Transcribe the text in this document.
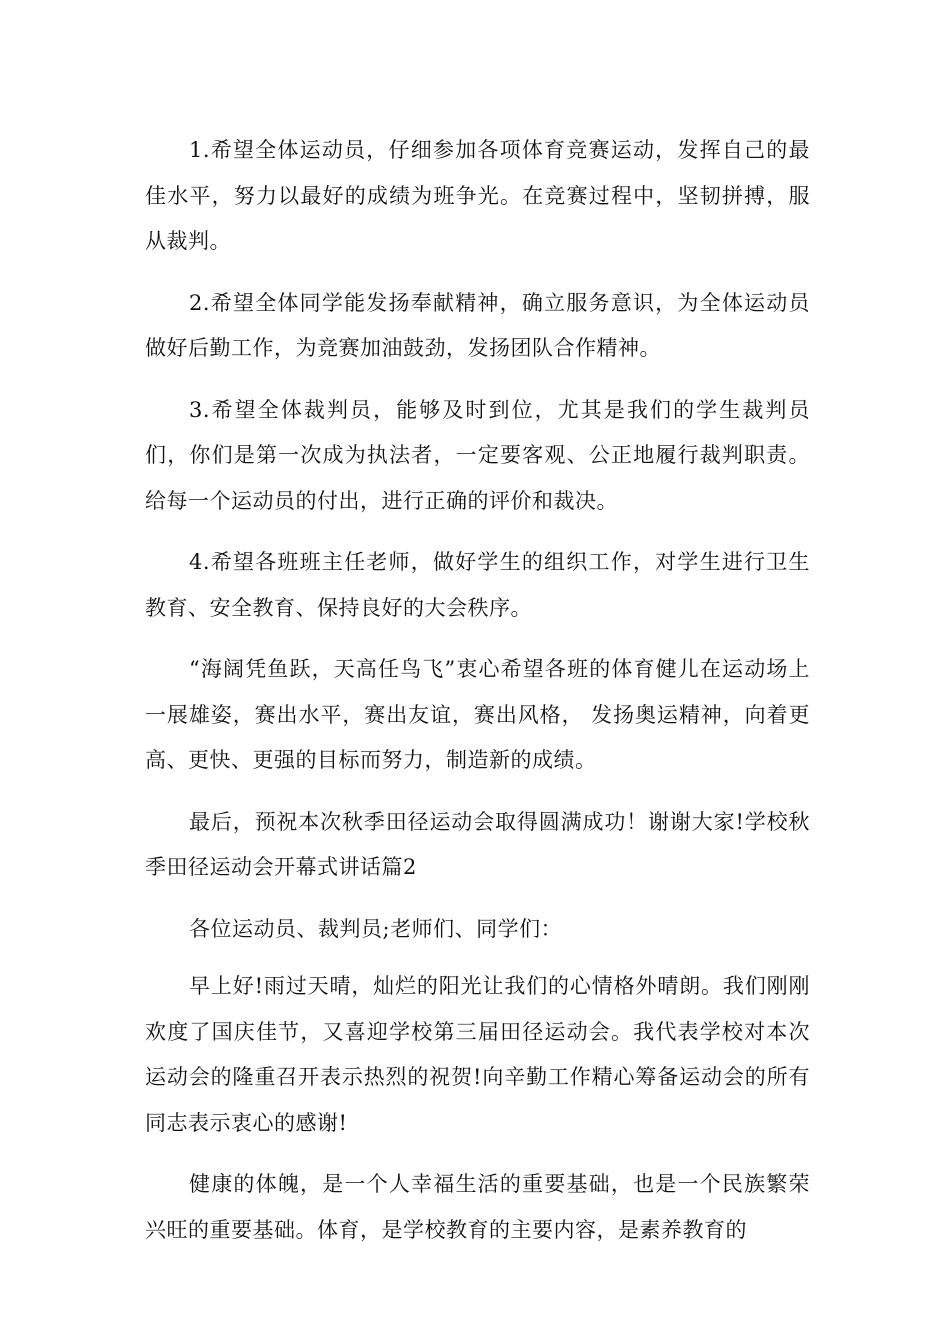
1.希望全体运动员，仔细参加各项体育竞赛运动，发挥自己的最佳水平，努力以最好的成绩为班争光。在竞赛过程中，坚韧拼搏，服从裁判。

2.希望全体同学能发扬奉献精神，确立服务意识，为全体运动员做好后勤工作，为竞赛加油鼓劲，发扬团队合作精神。

3.希望全体裁判员，能够及时到位，尤其是我们的学生裁判员们，你们是第一次成为执法者，一定要客观、公正地履行裁判职责。给每一个运动员的付出，进行正确的评价和裁决。

4.希望各班班主任老师，做好学生的组织工作，对学生进行卫生教育、安全教育、保持良好的大会秩序。

“海阔凭鱼跃，天高任鸟飞”衷心希望各班的体育健儿在运动场上一展雄姿，赛出水平，赛出友谊，赛出风格， 发扬奥运精神，向着更高、更快、更强的目标而努力，制造新的成绩。

最后，预祝本次秋季田径运动会取得圆满成功！谢谢大家!学校秋季田径运动会开幕式讲话篇2

各位运动员、裁判员;老师们、同学们：

早上好!雨过天晴，灿烂的阳光让我们的心情格外晴朗。我们刚刚欢度了国庆佳节，又喜迎学校第三届田径运动会。我代表学校对本次运动会的隆重召开表示热烈的祝贺!向辛勤工作精心筹备运动会的所有同志表示衷心的感谢!

健康的体魄，是一个人幸福生活的重要基础，也是一个民族繁荣兴旺的重要基础。体育，是学校教育的主要内容，是素养教育的
